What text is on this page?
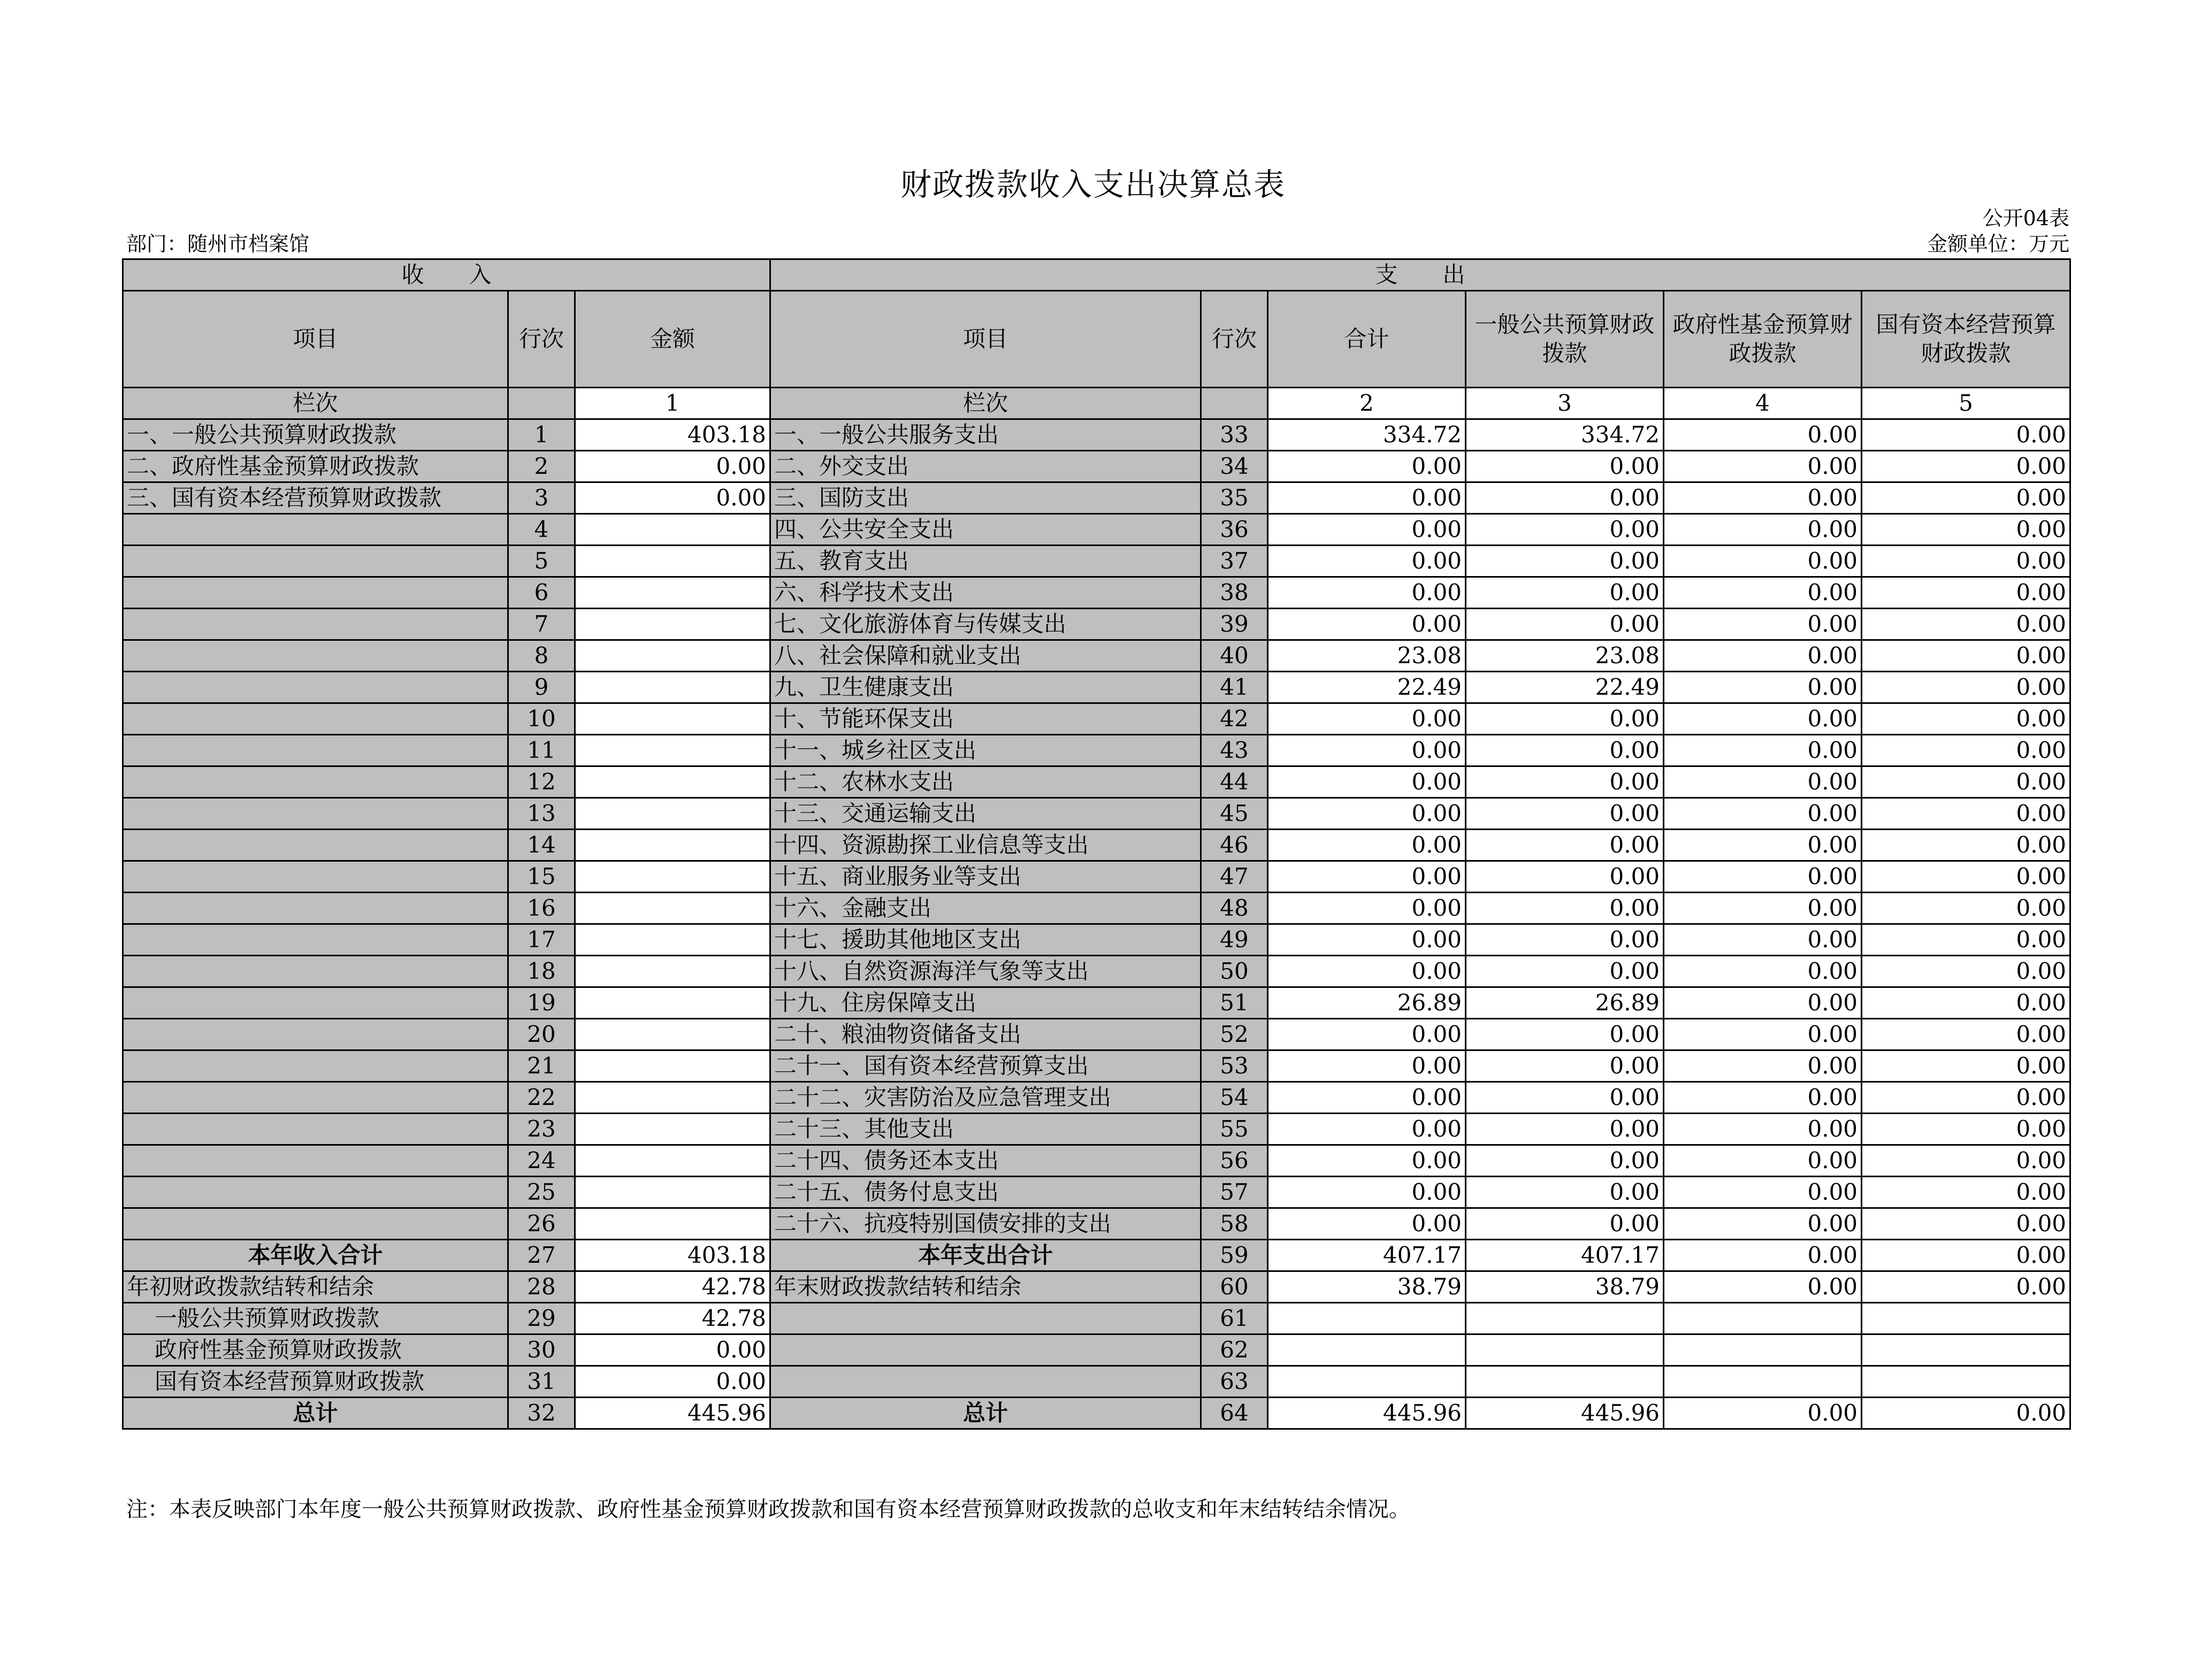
财政拨款收入支出决算总表
公开04表
部门：随州市档案馆	金额单位：万元
收　　入			支　　出					
项目	行次	金额	项目	行次	合计	一般公共预算财政拨款	政府性基金预算财政拨款	国有资本经营预算财政拨款
栏次		1	栏次		2	3	4	5
一、一般公共预算财政拨款	1	403.18	一、一般公共服务支出	33	334.72	334.72	0.00	0.00
二、政府性基金预算财政拨款	2	0.00	二、外交支出	34	0.00	0.00	0.00	0.00
三、国有资本经营预算财政拨款	3	0.00	三、国防支出	35	0.00	0.00	0.00	0.00
	4		四、公共安全支出	36	0.00	0.00	0.00	0.00
	5		五、教育支出	37	0.00	0.00	0.00	0.00
	6		六、科学技术支出	38	0.00	0.00	0.00	0.00
	7		七、文化旅游体育与传媒支出	39	0.00	0.00	0.00	0.00
	8		八、社会保障和就业支出	40	23.08	23.08	0.00	0.00
	9		九、卫生健康支出	41	22.49	22.49	0.00	0.00
	10		十、节能环保支出	42	0.00	0.00	0.00	0.00
	11		十一、城乡社区支出	43	0.00	0.00	0.00	0.00
	12		十二、农林水支出	44	0.00	0.00	0.00	0.00
	13		十三、交通运输支出	45	0.00	0.00	0.00	0.00
	14		十四、资源勘探工业信息等支出	46	0.00	0.00	0.00	0.00
	15		十五、商业服务业等支出	47	0.00	0.00	0.00	0.00
	16		十六、金融支出	48	0.00	0.00	0.00	0.00
	17		十七、援助其他地区支出	49	0.00	0.00	0.00	0.00
	18		十八、自然资源海洋气象等支出	50	0.00	0.00	0.00	0.00
	19		十九、住房保障支出	51	26.89	26.89	0.00	0.00
	20		二十、粮油物资储备支出	52	0.00	0.00	0.00	0.00
	21		二十一、国有资本经营预算支出	53	0.00	0.00	0.00	0.00
	22		二十二、灾害防治及应急管理支出	54	0.00	0.00	0.00	0.00
	23		二十三、其他支出	55	0.00	0.00	0.00	0.00
	24		二十四、债务还本支出	56	0.00	0.00	0.00	0.00
	25		二十五、债务付息支出	57	0.00	0.00	0.00	0.00
	26		二十六、抗疫特别国债安排的支出	58	0.00	0.00	0.00	0.00
本年收入合计	27	403.18	本年支出合计	59	407.17	407.17	0.00	0.00
年初财政拨款结转和结余	28	42.78	年末财政拨款结转和结余	60	38.79	38.79	0.00	0.00
一般公共预算财政拨款	29	42.78		61				
政府性基金预算财政拨款	30	0.00		62				
国有资本经营预算财政拨款	31	0.00		63				
总计	32	445.96	总计	64	445.96	445.96	0.00	0.00
注：本表反映部门本年度一般公共预算财政拨款、政府性基金预算财政拨款和国有资本经营预算财政拨款的总收支和年末结转结余情况。
